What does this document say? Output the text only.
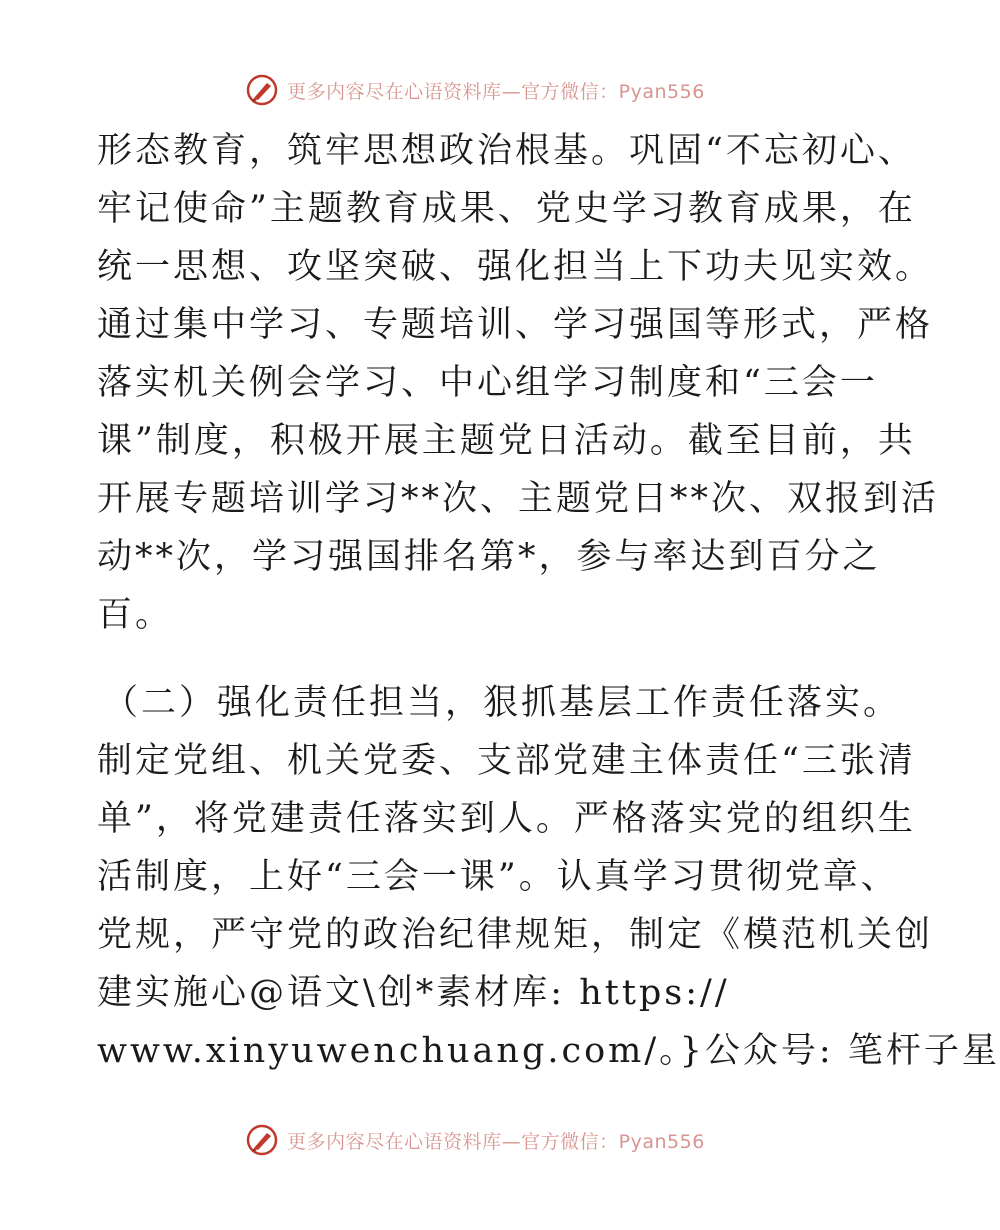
更多内容尽在心语资料库—官方微信：Pyan556
形态教育，筑牢思想政治根基。巩固“不忘初心、
牢记使命”主题教育成果、党史学习教育成果，在
统一思想、攻坚突破、强化担当上下功夫见实效。
通过集中学习、专题培训、学习强国等形式，严格
落实机关例会学习、中心组学习制度和“三会一
课”制度，积极开展主题党日活动。截至目前，共
开展专题培训学习**次、主题党日**次、双报到活
动**次，学习强国排名第*，参与率达到百分之
百。
（二）强化责任担当，狠抓基层工作责任落实。
制定党组、机关党委、支部党建主体责任“三张清
单”，将党建责任落实到人。严格落实党的组织生
活制度，上好“三会一课”。认真学习贯彻党章、
党规，严守党的政治纪律规矩，制定《模范机关创
建实施心@语文\创*素材库: https://
www.xinyuwenchuang.com/。}公众号: 笔杆子星
更多内容尽在心语资料库—官方微信：Pyan556
